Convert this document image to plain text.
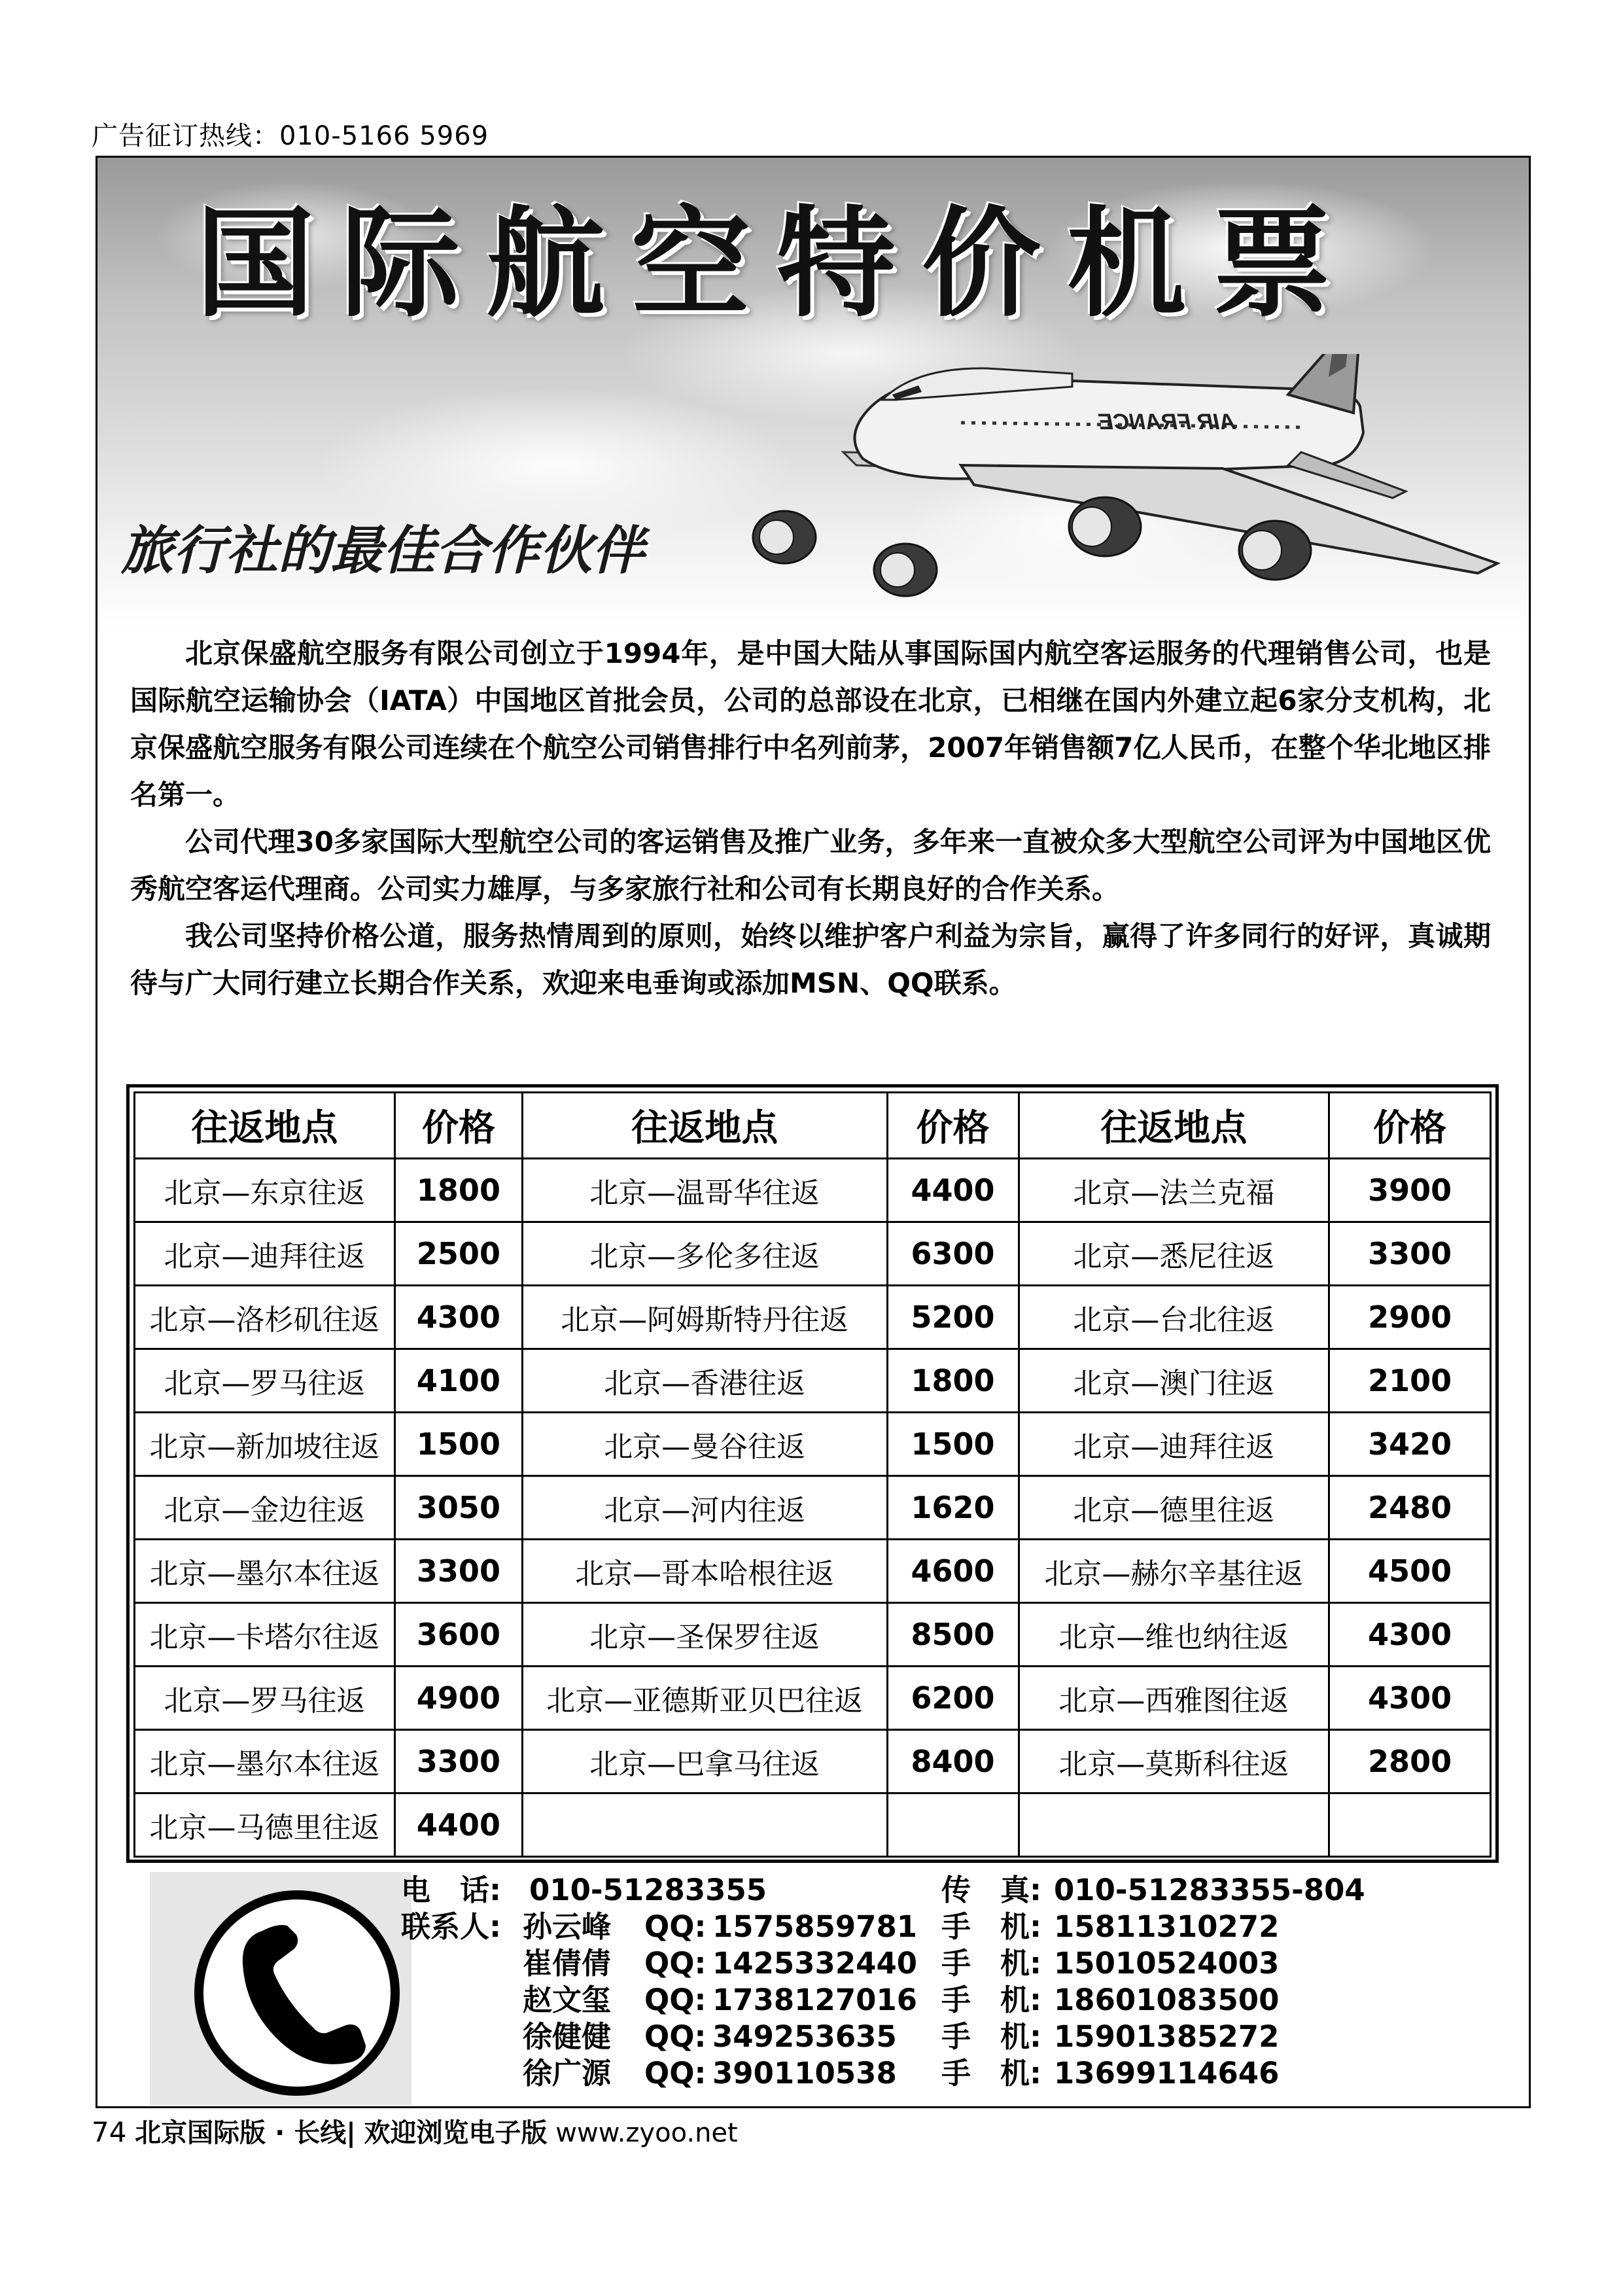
广告征订热线：010-5166 5969
AIR FRANCE
国际航空特价机票
旅行社的最佳合作伙伴

北京保盛航空服务有限公司创立于1994年，是中国大陆从事国际国内航空客运服务的代理销售公司，也是国际航空运输协会（IATA）中国地区首批会员，公司的总部设在北京，已相继在国内外建立起6家分支机构，北京保盛航空服务有限公司连续在个航空公司销售排行中名列前茅，2007年销售额7亿人民币，在整个华北地区排名第一。

公司代理30多家国际大型航空公司的客运销售及推广业务，多年来一直被众多大型航空公司评为中国地区优秀航空客运代理商。公司实力雄厚，与多家旅行社和公司有长期良好的合作关系。

我公司坚持价格公道，服务热情周到的原则，始终以维护客户利益为宗旨，赢得了许多同行的好评，真诚期待与广大同行建立长期合作关系，欢迎来电垂询或添加MSN、QQ联系。

往返地点	价格	往返地点	价格	往返地点	价格
北京—东京往返	1800	北京—温哥华往返	4400	北京—法兰克福	3900
北京—迪拜往返	2500	北京—多伦多往返	6300	北京—悉尼往返	3300
北京—洛杉矶往返	4300	北京—阿姆斯特丹往返	5200	北京—台北往返	2900
北京—罗马往返	4100	北京—香港往返	1800	北京—澳门往返	2100
北京—新加坡往返	1500	北京—曼谷往返	1500	北京—迪拜往返	3420
北京—金边往返	3050	北京—河内往返	1620	北京—德里往返	2480
北京—墨尔本往返	3300	北京—哥本哈根往返	4600	北京—赫尔辛基往返	4500
北京—卡塔尔往返	3600	北京—圣保罗往返	8500	北京—维也纳往返	4300
北京—罗马往返	4900	北京—亚德斯亚贝巴往返	6200	北京—西雅图往返	4300
北京—墨尔本往返	3300	北京—巴拿马往返	8400	北京—莫斯科往返	2800
北京—马德里往返	4400				
电　话: 010-51283355	传　真: 010-51283355-804
联系人: 孙云峰 QQ: 1575859781 手　机: 15811310272
崔倩倩 QQ: 1425332440 手　机: 15010524003
赵文玺 QQ: 1738127016 手　机: 18601083500
徐健健 QQ: 349253635 手　机: 15901385272
徐广源 QQ: 390110538 手　机: 13699114646
74 北京国际版 · 长线| 欢迎浏览电子版 www.zyoo.net
